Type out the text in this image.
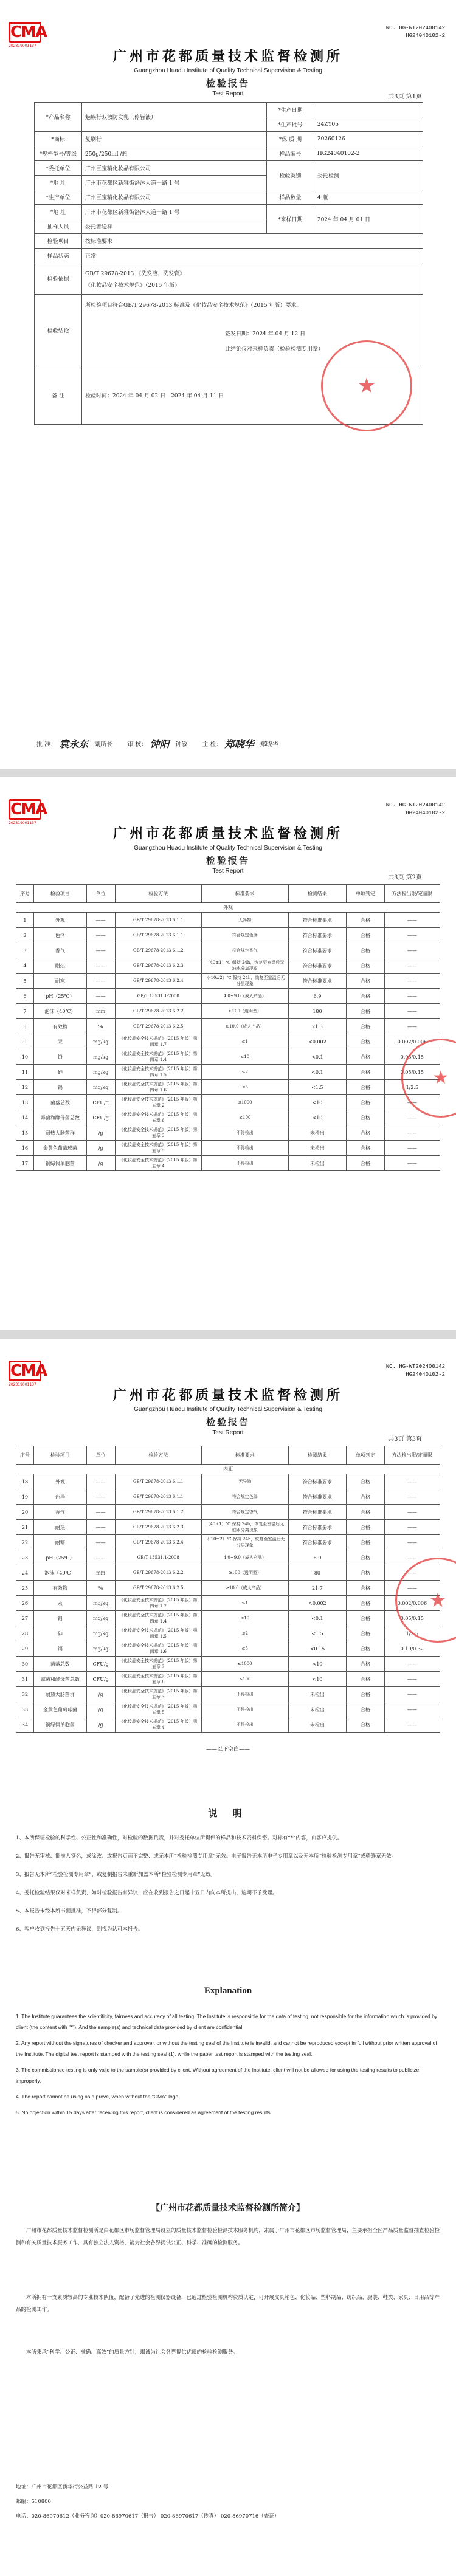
CMA
202319001137
NO. HG-WT202400142
HG24040102-2
广州市花都质量技术监督检测所
Guangzhou Huadu Institute of Quality Technical Supervision & Testing
检验报告
Test Report	共3页 第1页
*产品名称	魅族行双敏防发乳（停皆液）	*生产日期	
		*生产批号	24ZY05
*商标	复刷行	*保 质 期	20260126
*规格型号/等级	250g/250ml /瓶	样品编号	HG24040102-2
*委托单位	广州巨宝精化妆品有限公司	检验类别	委托检测
*地 址	广州市花都区新雅街洛沐大道一路 1 号		
*生产单位	广州巨宝精化妆品有限公司	样品数量	4 瓶
*地 址	广州市花都区新雅街洛沐大道一路 1 号	*来样日期	2024 年 04 月 01 日
抽样人员	委托者送样		
检验项目	按标准要求		
样品状态	正常		
检验依据	GB/T 29678-2013 《洗发液、洗发膏》
《化妆品安全技术规范》（2015 年版）		

检验结论	所检验项目符合GB/T 29678-2013 标准及《化妆品安全技术规范》（2015 年版）要求。
签发日期：2024 年 04 月 12 日
此结论仅对来样负责（检验检测专用章）		

备 注	检验时间：2024 年 04 月 02 日—2024 年 04 月 11 日			★
批 准： 袁永东 副所长 审 核： 钟阳 钟敏 主 检： 郑晓华 郑晓华
CMA
202319001137
NO. HG-WT202400142
HG24040102-2
广州市花都质量技术监督检测所
Guangzhou Huadu Institute of Quality Technical Supervision & Testing
检验报告
Test Report
共3页 第2页
序号	检验项目	单位	检验方法	标准要求	检测结果	单项判定	方法检出限/定量限
外观							
1	外观	——	GB/T 29678-2013 6.1.1	无异物	符合标准要求	合格	——
2	色泽	——	GB/T 29678-2013 6.1.1	符合规定色泽	符合标准要求	合格	——
3	香气	——	GB/T 29678-2013 6.1.2	符合规定香气	符合标准要求	合格	——
4	耐热	——	GB/T 29678-2013 6.2.3	（40±1）℃ 保持 24h，恢复至室温后无油水分离现象	符合标准要求	合格	——
5	耐寒	——	GB/T 29678-2013 6.2.4	（-10±2）℃ 保持 24h，恢复至室温后无分层现象	符合标准要求	合格	——
6	pH（25℃）	——	GB/T 13531.1-2008	4.0~9.0（成人产品）	6.9	合格	——
7	泡沫（40℃）	mm	GB/T 29678-2013 6.2.2	≥100（透明型）	180	合格	——
8	有效物	%	GB/T 29678-2013 6.2.5	≥10.0（成人产品）	21.3	合格	——
9	汞	mg/kg	《化妆品安全技术规范》（2015 年版）第四章 1.7	≤1	<0.002	合格	0.002/0.006
10	铅	mg/kg	《化妆品安全技术规范》（2015 年版）第四章 1.4	≤10	<0.1	合格	0.05/0.15
11	砷	mg/kg	《化妆品安全技术规范》（2015 年版）第四章 1.5	≤2	<0.1	合格	0.05/0.15
12	镉	mg/kg	《化妆品安全技术规范》（2015 年版）第四章 1.6	≤5	<1.5	合格	1/2.5
13	菌落总数	CFU/g	《化妆品安全技术规范》（2015 年版）第五章 2	≤1000	<10	合格	——
14	霉菌和酵母菌总数	CFU/g	《化妆品安全技术规范》（2015 年版）第五章 6	≤100	<10	合格	——
15	耐热大肠菌群	/g	《化妆品安全技术规范》（2015 年版）第五章 3	不得检出	未检出	合格	——
16	金黄色葡萄球菌	/g	《化妆品安全技术规范》（2015 年版）第五章 5	不得检出	未检出	合格	——
17	铜绿假单胞菌	/g	《化妆品安全技术规范》（2015 年版）第五章 4	不得检出	未检出	合格	——
★
CMA
202319001137
NO. HG-WT202400142
HG24040102-2
广州市花都质量技术监督检测所
Guangzhou Huadu Institute of Quality Technical Supervision & Testing
检验报告
Test Report
共3页 第3页
序号	检验项目	单位	检验方法	标准要求	检测结果	单项判定	方法检出限/定量限
内瓶							
18	外观	——	GB/T 29678-2013 6.1.1	无异物	符合标准要求	合格	——
19	色泽	——	GB/T 29678-2013 6.1.1	符合规定色泽	符合标准要求	合格	——
20	香气	——	GB/T 29678-2013 6.1.2	符合规定香气	符合标准要求	合格	——
21	耐热	——	GB/T 29678-2013 6.2.3	（40±1）℃ 保持 24h，恢复至室温后无油水分离现象	符合标准要求	合格	——
22	耐寒	——	GB/T 29678-2013 6.2.4	（-10±2）℃ 保持 24h，恢复至室温后无分层现象	符合标准要求	合格	——
23	pH（25℃）	——	GB/T 13531.1-2008	4.0~9.0（成人产品）	6.0	合格	——
24	泡沫（40℃）	mm	GB/T 29678-2013 6.2.2	≥100（透明型）	80	合格	——
25	有效物	%	GB/T 29678-2013 6.2.5	≥10.0（成人产品）	21.7	合格	——
26	汞	mg/kg	《化妆品安全技术规范》（2015 年版）第四章 1.7	≤1	<0.002	合格	0.002/0.006
27	铅	mg/kg	《化妆品安全技术规范》（2015 年版）第四章 1.4	≤10	<0.1	合格	0.05/0.15
28	砷	mg/kg	《化妆品安全技术规范》（2015 年版）第四章 1.5	≤2	<1.5	合格	1/2.5
29	镉	mg/kg	《化妆品安全技术规范》（2015 年版）第四章 1.6	≤5	<0.15	合格	0.10/0.32
30	菌落总数	CFU/g	《化妆品安全技术规范》（2015 年版）第五章 2	≤1000	<10	合格	——
31	霉菌和酵母菌总数	CFU/g	《化妆品安全技术规范》（2015 年版）第五章 6	≤100	<10	合格	——
32	耐热大肠菌群	/g	《化妆品安全技术规范》（2015 年版）第五章 3	不得检出	未检出	合格	——
33	金黄色葡萄球菌	/g	《化妆品安全技术规范》（2015 年版）第五章 5	不得检出	未检出	合格	——
34	铜绿假单胞菌	/g	《化妆品安全技术规范》（2015 年版）第五章 4	不得检出	未检出	合格	——
★
——以下空白——
说 明
1、本所保证检验的科学性、公正性和准确性，对检验的数据负责，并对委托单位所提供的样品和技术资料保密。对标有“*”内容，由客户提供。
2、报告无审核、批准人签名，或涂改、或报告页面不完整、或无本所“检验检测专用章”无效。电子报告无本所电子专用章以及无本所“检验检测专用章”或骑缝章无效。
3、报告无本所“检验检测专用章”，或复制报告未重新加盖本所“检验检测专用章”无效。
4、委托检验结果仅对来样负责，如对检验报告有异议，应在收到报告之日起十五日内向本所提出，逾期不予受理。
5、本报告未经本所书面批准，不得部分复制。
6、客户收到报告十五天内无异议，则视为认可本报告。
Explanation
1. The Institute guarantees the scientificity, fairness and accuracy of all testing. The Institute is responsible for the data of testing, not responsible for the information which is provided by client (the content with "*"). And the sample(s) and technical data provided by client are confidential.
2. Any report without the signatures of checker and approver, or without the testing seal of the Institute is invalid, and cannot be reproduced except in full without prior written approval of the Institute. The digital test report is stamped with the testing seal (1), while the paper test report is stamped with the testing seal.
3. The commissioned testing is only valid to the sample(s) provided by client. Without agreement of the Institute, client will not be allowed for using the testing results to publicize improperly.
4. The report cannot be using as a prove, when without the "CMA" logo.
5. No objection within 15 days after receiving this report, client is considered as agreement of the testing results.
【广州市花都质量技术监督检测所简介】
广州市花都质量技术监督检测所是由花都区市场监督管理局设立的质量技术监督检验检测技术服务机构，隶属于广州市花都区市场监督管理局，主要承担全区产品质量监督抽查检验检测和有关质量技术服务工作，具有独立法人资格，能为社会各界提供公正、科学、准确的检测服务。
本所拥有一支素质较高的专业技术队伍，配备了先进的检测仪器设备，已通过检验检测机构资质认定，可开展皮具箱包、化妆品、塑料制品、纺织品、服装、鞋类、家具、日用品等产品的检测工作。
本所秉承“科学、公正、准确、高效”的质量方针，竭诚为社会各界提供优质的检验检测服务。
地址：广州市花都区新华街公益路 12 号
邮编：510800
电话：020-86970612（业务咨询）020-86970617（报告） 020-86970617（传真） 020-86970716（查证）
